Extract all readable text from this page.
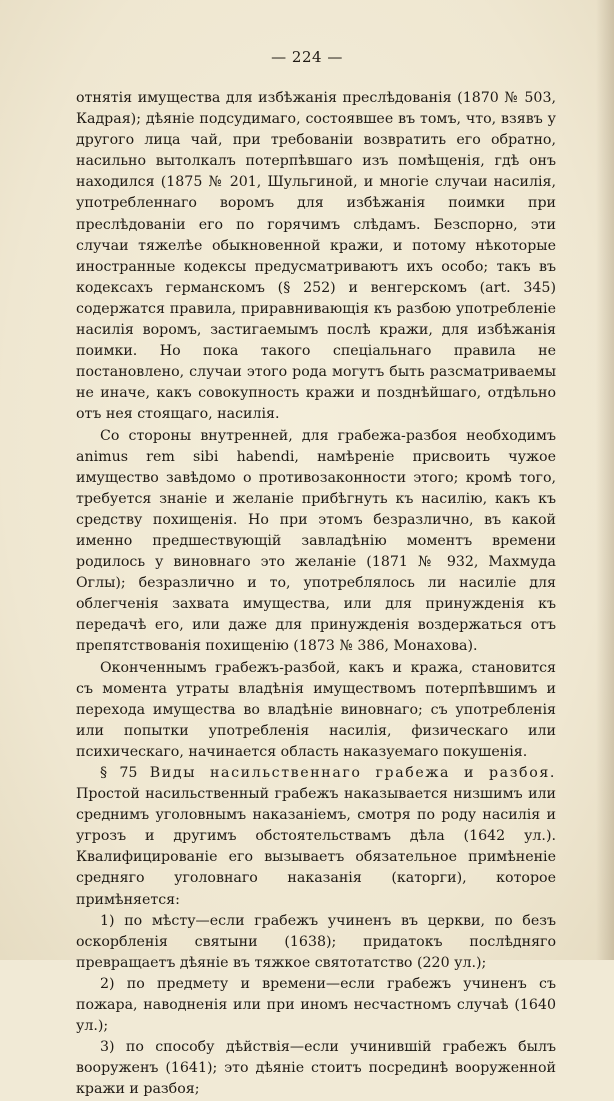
— 224 —

отнятія имущества для избѣжанія преслѣдованія (1870 № 503, Кадрая); дѣяніе подсудимаго, состоявшее въ томъ, что, взявъ у другого лица чай, при требованіи возвратить его обратно, насильно вытолкалъ потерпѣвшаго изъ помѣщенія, гдѣ онъ находился (1875 № 201, Шульгиной, и многіе случаи насилія, употребленнаго воромъ для избѣжанія поимки при преслѣдованіи его по горячимъ слѣдамъ. Безспорно, эти случаи тяжелѣе обыкновенной кражи, и потому нѣкоторые иностранные кодексы предусматриваютъ ихъ особо; такъ въ кодексахъ германскомъ (§ 252) и венгерскомъ (art. 345) содержатся правила, приравнивающія къ разбою употребленіе насилія воромъ, застигаемымъ послѣ кражи, для избѣжанія поимки. Но пока такого спеціальнаго правила не постановлено, случаи этого рода могутъ быть разсматриваемы не иначе, какъ совокупность кражи и позднѣйшаго, отдѣльно отъ нея стоящаго, насилія.

Со стороны внутренней, для грабежа-разбоя необходимъ animus rem sibi habendi, намѣреніе присвоить чужое имущество завѣдомо о противозаконности этого; кромѣ того, требуется знаніе и желаніе прибѣгнуть къ насилію, какъ къ средству похищенія. Но при этомъ безразлично, въ какой именно предшествующій завладѣнію моментъ времени родилось у виновнаго это желаніе (1871 № 932, Махмуда Оглы); безразлично и то, употреблялось ли насиліе для облегченія захвата имущества, или для принужденія къ передачѣ его, или даже для принужденія воздержаться отъ препятствованія похищенію (1873 № 386, Монахова).

Оконченнымъ грабежъ-разбой, какъ и кража, становится съ момента утраты владѣнія имуществомъ потерпѣвшимъ и перехода имущества во владѣніе виновнаго; съ употребленія или попытки употребленія насилія, физическаго или психическаго, начинается область наказуемаго покушенія.

§ 75 Виды насильственнаго грабежа и разбоя. Простой насильственный грабежъ наказывается низшимъ или среднимъ уголовнымъ наказаніемъ, смотря по роду насилія и угрозъ и другимъ обстоятельствамъ дѣла (1642 ул.). Квалифицированіе его вызываетъ обязательное примѣненіе средняго уголовнаго наказанія (каторги), которое примѣняется:

1) по мѣсту—если грабежъ учиненъ въ церкви, по безъ оскорбленія святыни (1638); придатокъ послѣдняго превращаетъ дѣяніе въ тяжкое святотатство (220 ул.);

2) по предмету и времени—если грабежъ учиненъ съ пожара, наводненія или при иномъ несчастномъ случаѣ (1640 ул.);

3) по способу дѣйствія—если учинившій грабежъ былъ вооруженъ (1641); это дѣяніе стоитъ посрединѣ вооруженной кражи и разбоя;
